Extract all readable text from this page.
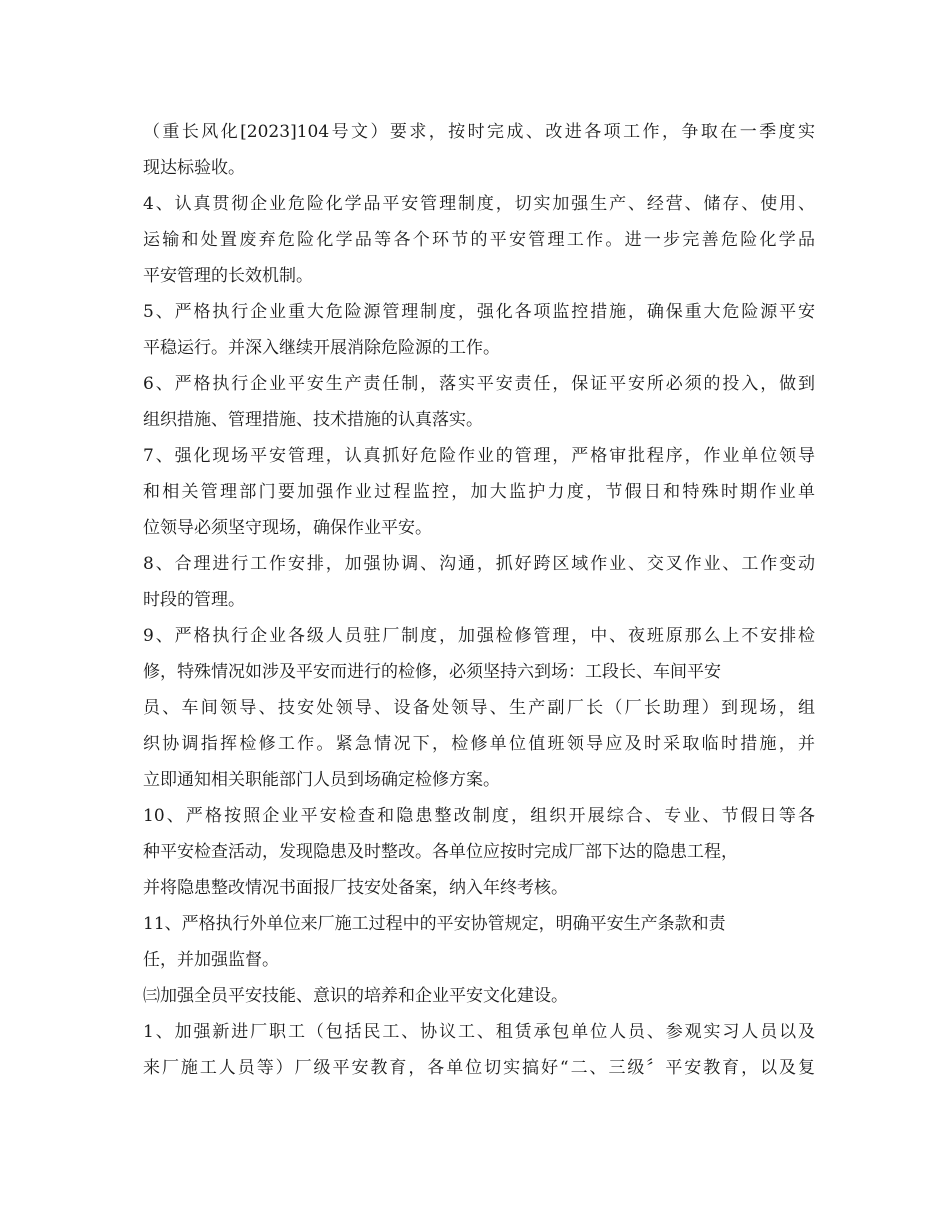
（重长风化[2023]104号文）要求，按时完成、改进各项工作，争取在一季度实
现达标验收。
4、认真贯彻企业危险化学品平安管理制度，切实加强生产、经营、储存、使用、
运输和处置废弃危险化学品等各个环节的平安管理工作。进一步完善危险化学品
平安管理的长效机制。
5、严格执行企业重大危险源管理制度，强化各项监控措施，确保重大危险源平安
平稳运行。并深入继续开展消除危险源的工作。
6、严格执行企业平安生产责任制，落实平安责任，保证平安所必须的投入，做到
组织措施、管理措施、技术措施的认真落实。
7、强化现场平安管理，认真抓好危险作业的管理，严格审批程序，作业单位领导
和相关管理部门要加强作业过程监控，加大监护力度，节假日和特殊时期作业单
位领导必须坚守现场，确保作业平安。
8、合理进行工作安排，加强协调、沟通，抓好跨区域作业、交叉作业、工作变动
时段的管理。
9、严格执行企业各级人员驻厂制度，加强检修管理，中、夜班原那么上不安排检
修，特殊情况如涉及平安而进行的检修，必须坚持六到场：工段长、车间平安
员、车间领导、技安处领导、设备处领导、生产副厂长（厂长助理）到现场，组
织协调指挥检修工作。紧急情况下，检修单位值班领导应及时采取临时措施，并
立即通知相关职能部门人员到场确定检修方案。
10、严格按照企业平安检查和隐患整改制度，组织开展综合、专业、节假日等各
种平安检查活动，发现隐患及时整改。各单位应按时完成厂部下达的隐患工程，
并将隐患整改情况书面报厂技安处备案，纳入年终考核。
11、严格执行外单位来厂施工过程中的平安协管规定，明确平安生产条款和责
任，并加强监督。
㈢加强全员平安技能、意识的培养和企业平安文化建设。
1、加强新进厂职工（包括民工、协议工、租赁承包单位人员、参观实习人员以及
来厂施工人员等）厂级平安教育，各单位切实搞好“二、三级〞平安教育，以及复
